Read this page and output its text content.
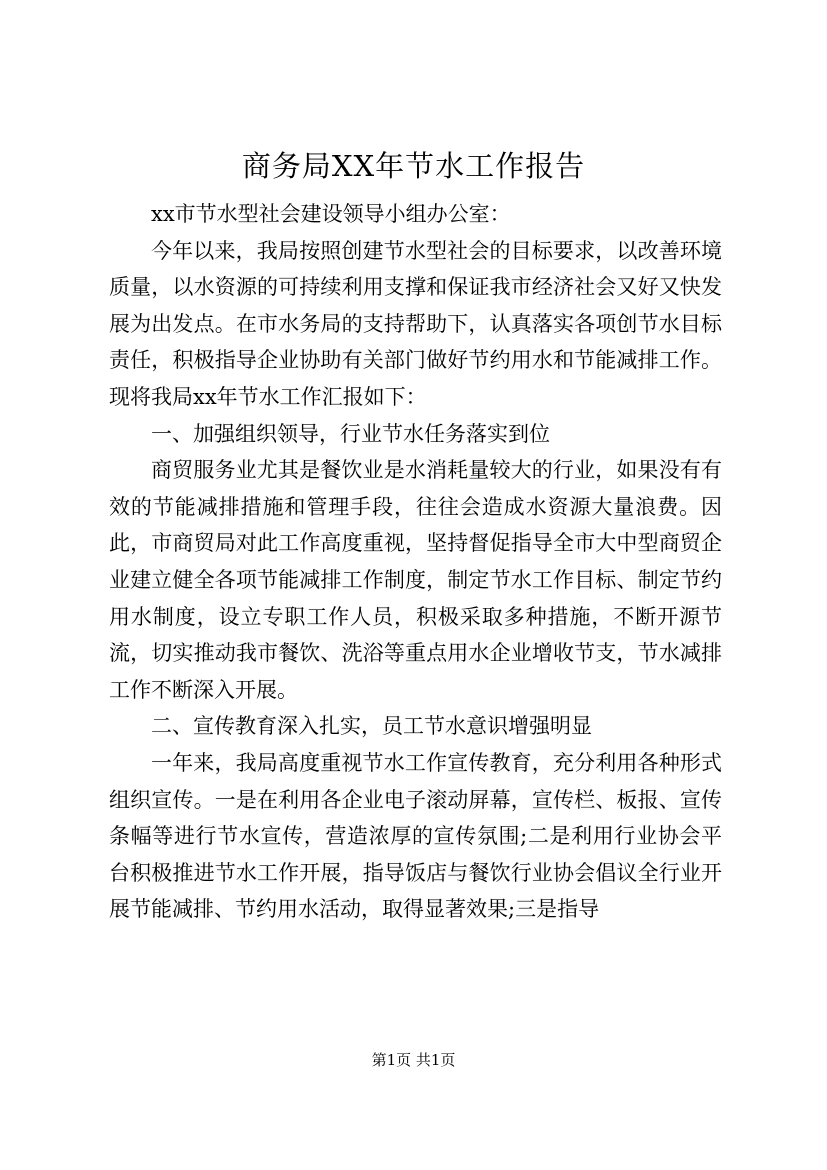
商务局XX年节水工作报告

xx市节水型社会建设领导小组办公室：

今年以来，我局按照创建节水型社会的目标要求，以改善环境质量，以水资源的可持续利用支撑和保证我市经济社会又好又快发展为出发点。在市水务局的支持帮助下，认真落实各项创节水目标责任，积极指导企业协助有关部门做好节约用水和节能减排工作。现将我局xx年节水工作汇报如下：

一、加强组织领导，行业节水任务落实到位

商贸服务业尤其是餐饮业是水消耗量较大的行业，如果没有有效的节能减排措施和管理手段，往往会造成水资源大量浪费。因此，市商贸局对此工作高度重视，坚持督促指导全市大中型商贸企业建立健全各项节能减排工作制度，制定节水工作目标、制定节约用水制度，设立专职工作人员，积极采取多种措施，不断开源节流，切实推动我市餐饮、洗浴等重点用水企业增收节支，节水减排工作不断深入开展。

二、宣传教育深入扎实，员工节水意识增强明显

一年来，我局高度重视节水工作宣传教育，充分利用各种形式组织宣传。一是在利用各企业电子滚动屏幕，宣传栏、板报、宣传条幅等进行节水宣传，营造浓厚的宣传氛围;二是利用行业协会平台积极推进节水工作开展，指导饭店与餐饮行业协会倡议全行业开展节能减排、节约用水活动，取得显著效果;三是指导

第1页 共1页
